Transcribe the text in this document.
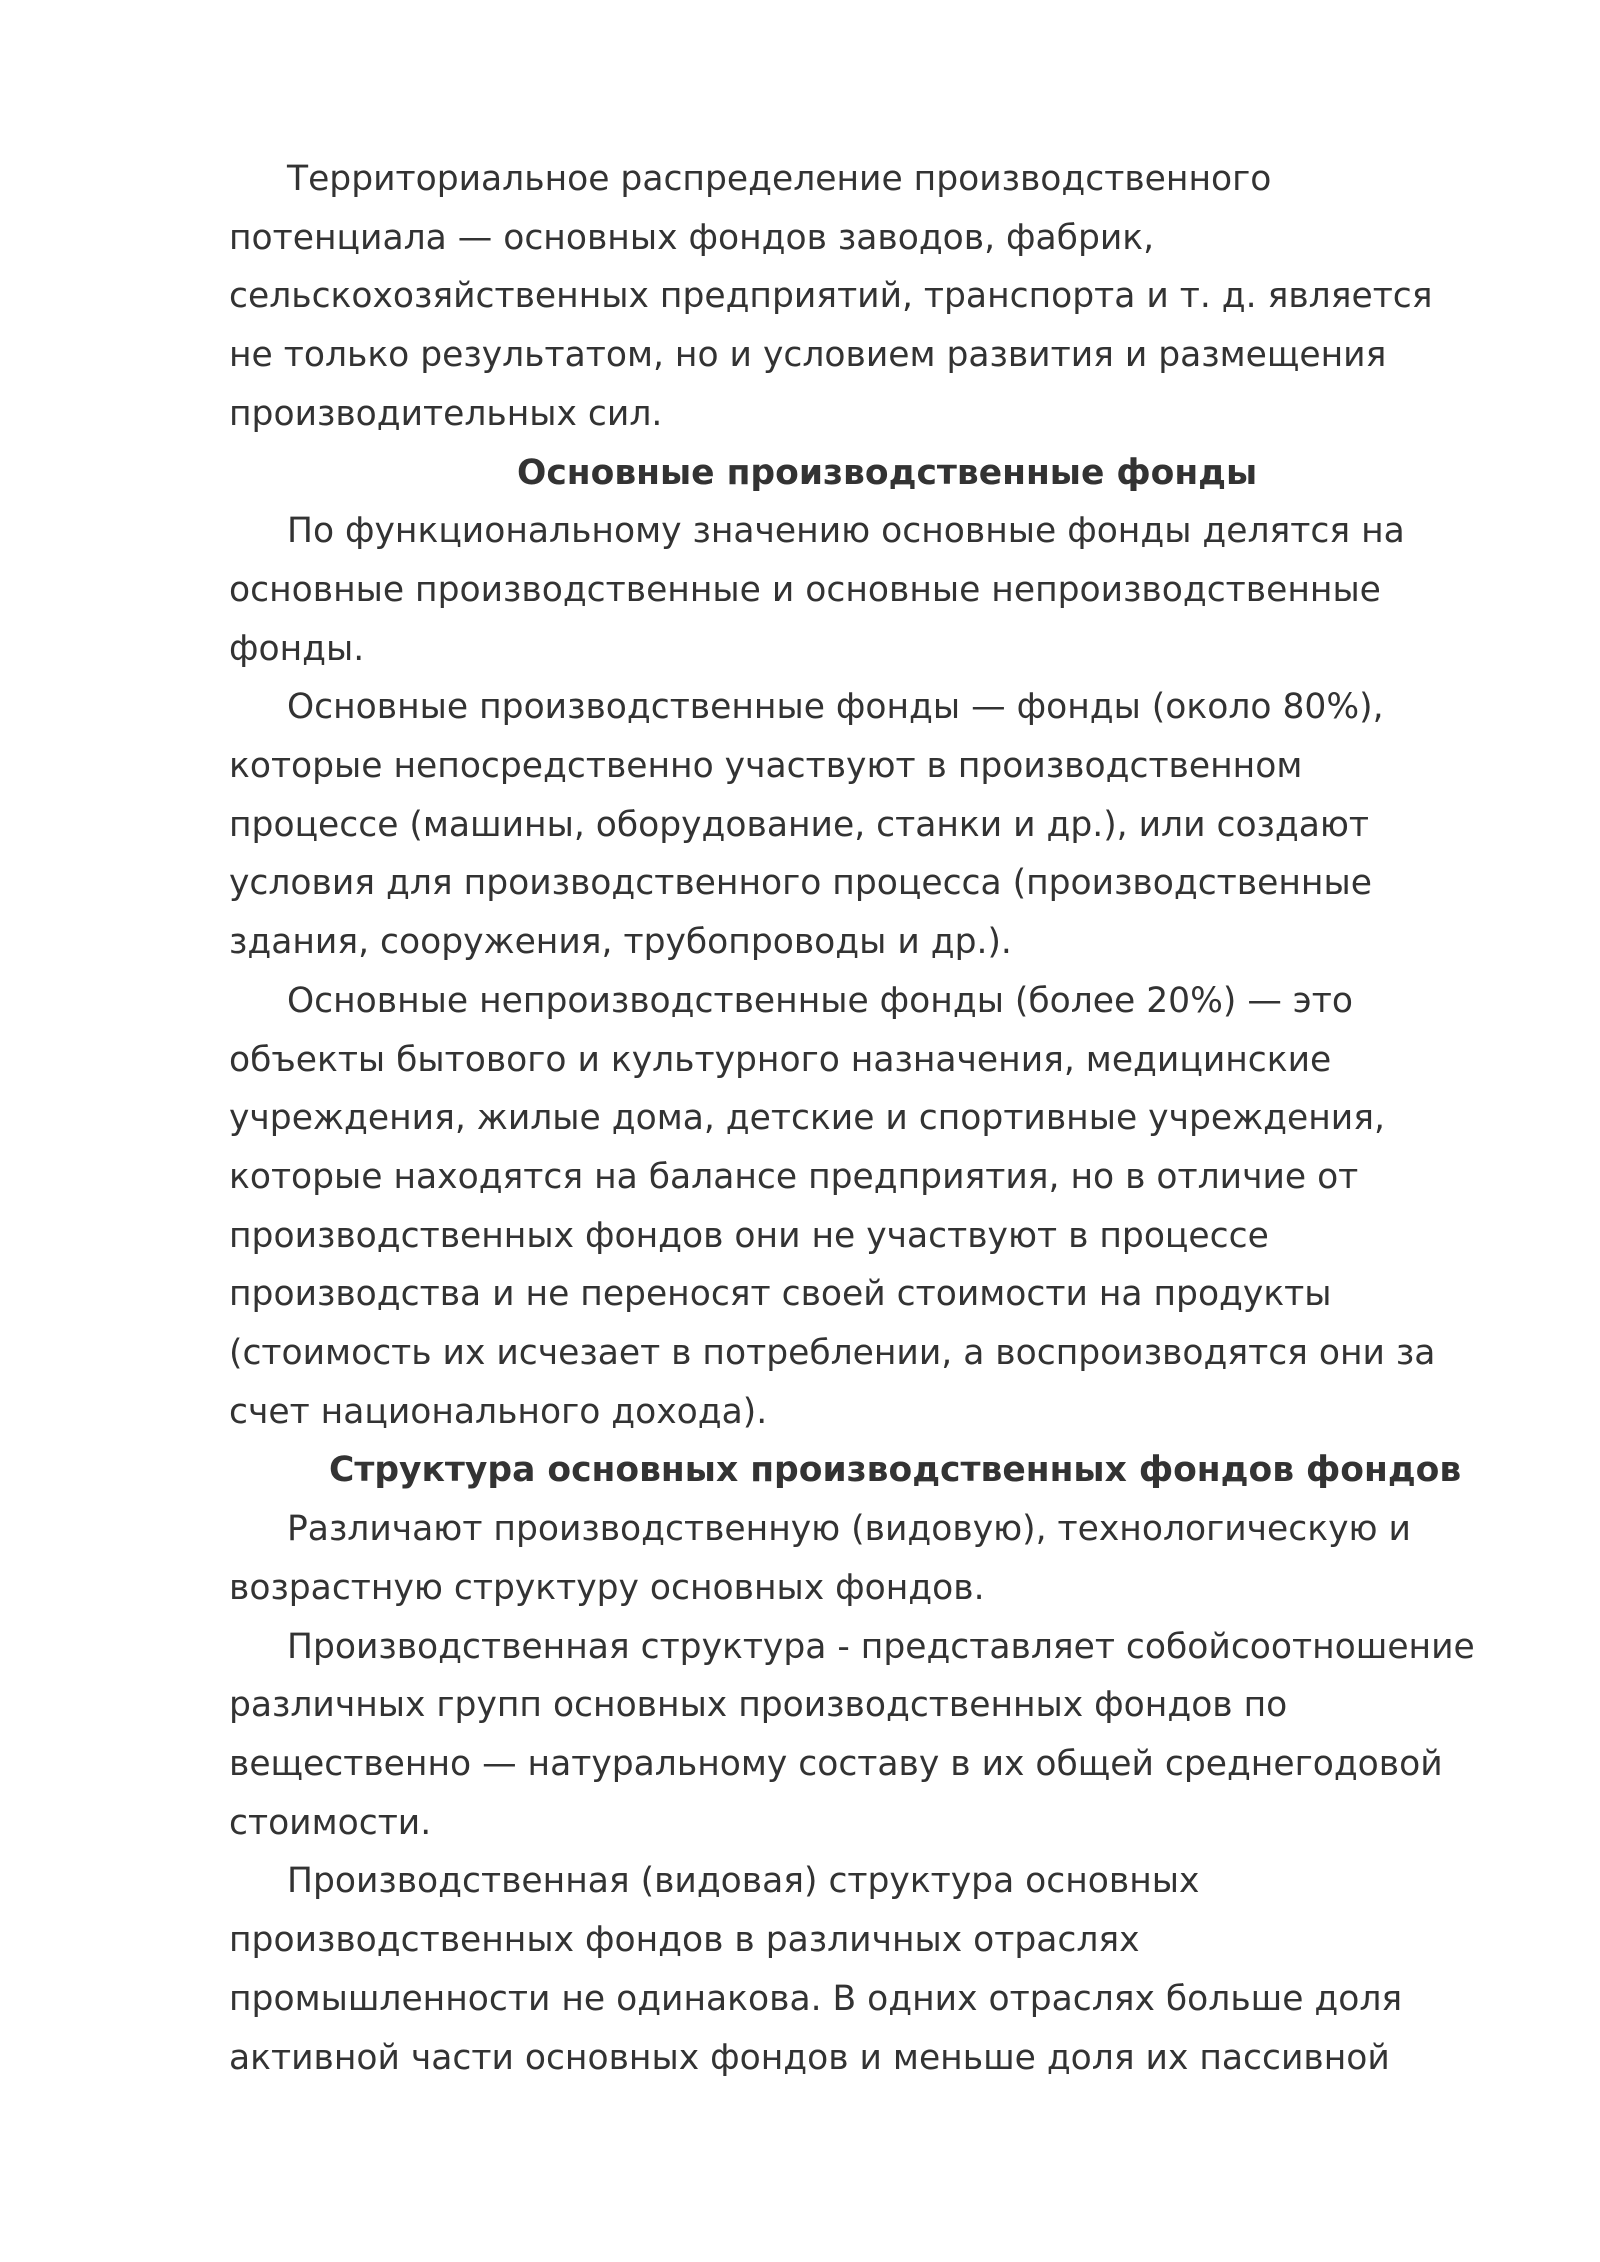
Территориальное распределение производственного
потенциала — основных фондов заводов, фабрик,
сельскохозяйственных предприятий, транспорта и т. д. является
не только результатом, но и условием развития и размещения
производительных сил.

Основные производственные фонды

По функциональному значению основные фонды делятся на
основные производственные и основные непроизводственные
фонды.

Основные производственные фонды — фонды (около 80%),
которые непосредственно участвуют в производственном
процессе (машины, оборудование, станки и др.), или создают
условия для производственного процесса (производственные
здания, сооружения, трубопроводы и др.).

Основные непроизводственные фонды (более 20%) — это
объекты бытового и культурного назначения, медицинские
учреждения, жилые дома, детские и спортивные учреждения,
которые находятся на балансе предприятия, но в отличие от
производственных фондов они не участвуют в процессе
производства и не переносят своей стоимости на продукты
(стоимость их исчезает в потреблении, а воспроизводятся они за
счет национального дохода).

Структура основных производственных фондов фондов

Различают производственную (видовую), технологическую и
возрастную структуру основных фондов.

Производственная структура - представляет собойсоотношение
различных групп основных производственных фондов по
вещественно — натуральному составу в их общей среднегодовой
стоимости.

Производственная (видовая) структура основных
производственных фондов в различных отраслях
промышленности не одинакова. В одних отраслях больше доля
активной части основных фондов и меньше доля их пассивной
